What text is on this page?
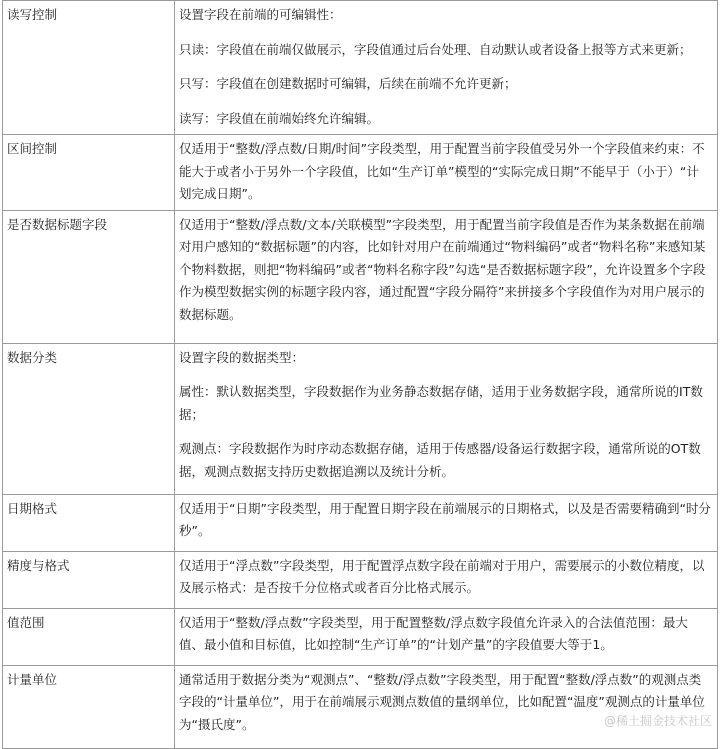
读写控制	设置字段在前端的可编辑性：

只读：字段值在前端仅做展示，字段值通过后台处理、自动默认或者设备上报等方式来更新；

只写：字段值在创建数据时可编辑，后续在前端不允许更新；

读写：字段值在前端始终允许编辑。

区间控制	仅适用于“整数/浮点数/日期/时间”字段类型，用于配置当前字段值受另外一个字段值来约束：不能大于或者小于另外一个字段值，比如“生产订单”模型的“实际完成日期”不能早于（小于）“计划完成日期”。

是否数据标题字段	仅适用于“整数/浮点数/文本/关联模型”字段类型，用于配置当前字段值是否作为某条数据在前端对用户感知的“数据标题”的内容，比如针对用户在前端通过“物料编码”或者“物料名称”来感知某个物料数据，则把“物料编码”或者“物料名称字段”勾选“是否数据标题字段”，允许设置多个字段作为模型数据实例的标题字段内容，通过配置“字段分隔符”来拼接多个字段值作为对用户展示的数据标题。

数据分类	设置字段的数据类型：

属性：默认数据类型，字段数据作为业务静态数据存储，适用于业务数据字段，通常所说的IT数据；

观测点：字段数据作为时序动态数据存储，适用于传感器/设备运行数据字段，通常所说的OT数据，观测点数据支持历史数据追溯以及统计分析。

日期格式	仅适用于“日期”字段类型，用于配置日期字段在前端展示的日期格式，以及是否需要精确到“时分秒”。

精度与格式	仅适用于“浮点数”字段类型，用于配置浮点数字段在前端对于用户，需要展示的小数位精度，以及展示格式：是否按千分位格式或者百分比格式展示。

值范围	仅适用于“整数/浮点数”字段类型，用于配置整数/浮点数字段值允许录入的合法值范围：最大值、最小值和目标值，比如控制“生产订单”的“计划产量”的字段值要大等于1。

计量单位	通常适用于数据分类为“观测点”、“整数/浮点数”字段类型，用于配置“整数/浮点数”的观测点类字段的“计量单位”，用于在前端展示观测点数值的量纲单位，比如配置“温度”观测点的计量单位为“摄氏度”。

@稀土掘金技术社区
